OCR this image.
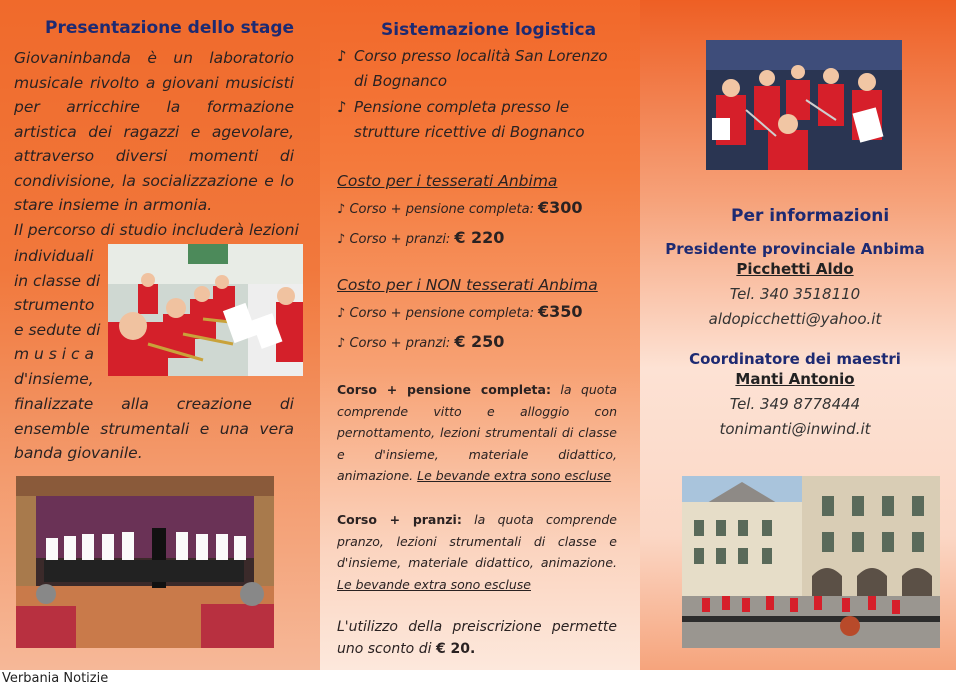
Presentazione dello stage
Giovaninbanda è un laboratorio musicale rivolto a giovani musicisti per arricchire la formazione artistica dei ragazzi e agevolare, attraverso diversi momenti di condivisione, la socializzazione e lo stare insieme in armonia.
Il percorso di studio includerà lezioni
individuali
in classe di
strumento
e sedute di
m u s i c a
d'insieme,
finalizzate alla creazione di ensemble strumentali e una vera banda giovanile.
Sistemazione logistica
♪ Corso presso località San Lorenzo di Bognanco
♪ Pensione completa presso le strutture ricettive di Bognanco
Costo per i tesserati Anbima
♪ Corso + pensione completa: €300
♪ Corso + pranzi: € 220
Costo per i NON tesserati Anbima
♪ Corso + pensione completa: €350
♪ Corso + pranzi: € 250
Corso + pensione completa: la quota comprende vitto e alloggio con pernottamento, lezioni strumentali di classe e d'insieme, materiale didattico, animazione. Le bevande extra sono escluse
Corso + pranzi: la quota comprende pranzo, lezioni strumentali di classe e d'insieme, materiale didattico, animazione. Le bevande extra sono escluse
L'utilizzo della preiscrizione permette uno sconto di € 20.
Per informazioni
Presidente provinciale Anbima
Picchetti Aldo
Tel. 340 3518110
aldopicchetti@yahoo.it
Coordinatore dei maestri
Manti Antonio
Tel. 349 8778444
tonimanti@inwind.it
Verbania Notizie
